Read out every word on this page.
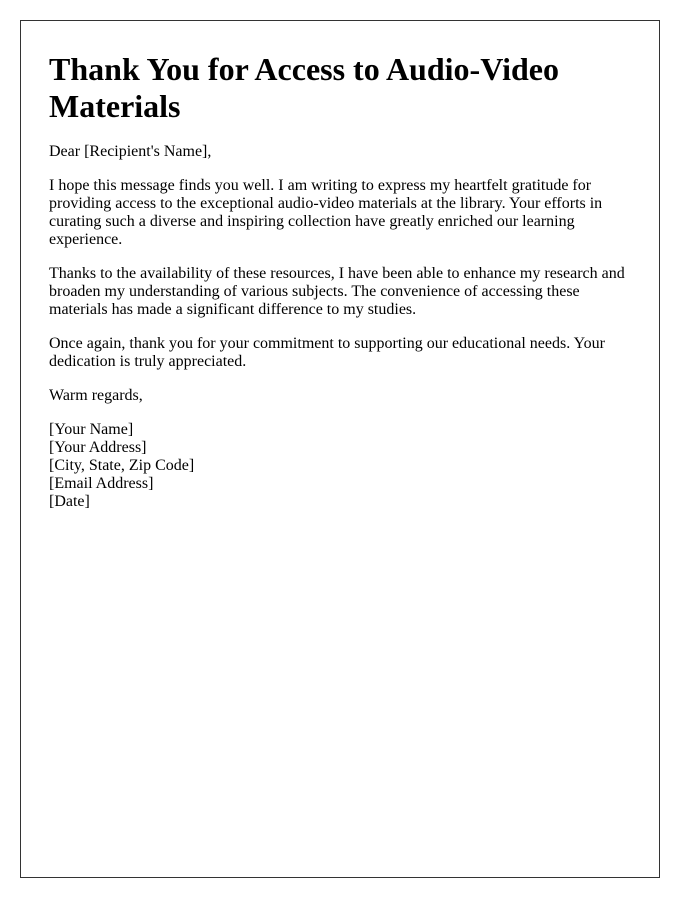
Thank You for Access to Audio-Video Materials

Dear [Recipient's Name],

I hope this message finds you well. I am writing to express my heartfelt gratitude for providing access to the exceptional audio-video materials at the library. Your efforts in curating such a diverse and inspiring collection have greatly enriched our learning experience.

Thanks to the availability of these resources, I have been able to enhance my research and broaden my understanding of various subjects. The convenience of accessing these materials has made a significant difference to my studies.

Once again, thank you for your commitment to supporting our educational needs. Your dedication is truly appreciated.

Warm regards,

[Your Name]
[Your Address]
[City, State, Zip Code]
[Email Address]
[Date]
